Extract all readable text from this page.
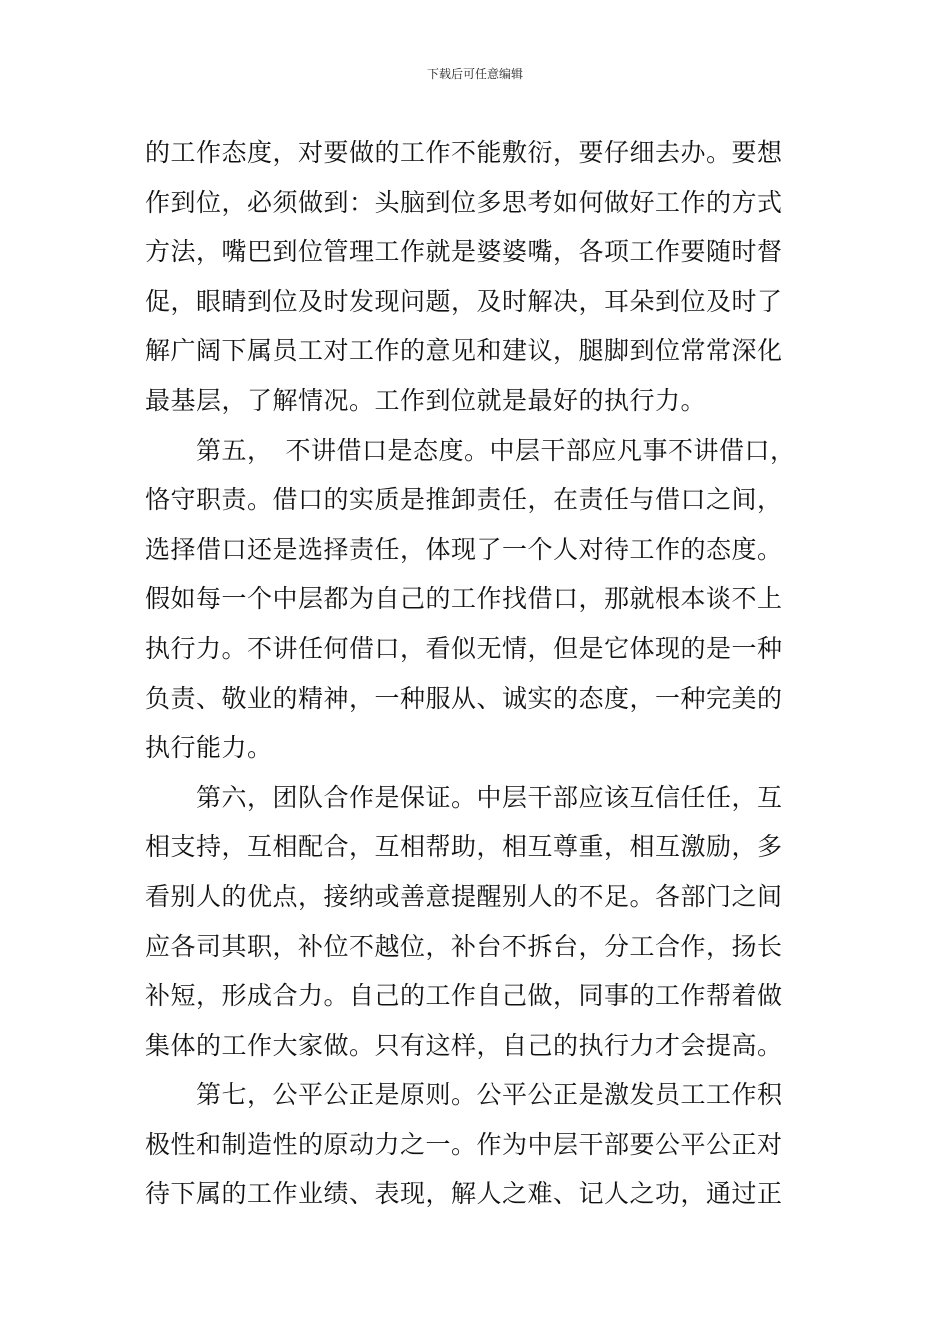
下载后可任意编辑
的工作态度，对要做的工作不能敷衍，要仔细去办。要想
作到位，必须做到：头脑到位多思考如何做好工作的方式
方法，嘴巴到位管理工作就是婆婆嘴，各项工作要随时督
促，眼睛到位及时发现问题，及时解决，耳朵到位及时了
解广阔下属员工对工作的意见和建议，腿脚到位常常深化
最基层，了解情况。工作到位就是最好的执行力。
　　第五，　不讲借口是态度。中层干部应凡事不讲借口，
恪守职责。借口的实质是推卸责任，在责任与借口之间，
选择借口还是选择责任，体现了一个人对待工作的态度。
假如每一个中层都为自己的工作找借口，那就根本谈不上
执行力。不讲任何借口，看似无情，但是它体现的是一种
负责、敬业的精神，一种服从、诚实的态度，一种完美的
执行能力。
　　第六，团队合作是保证。中层干部应该互信任任，互
相支持，互相配合，互相帮助，相互尊重，相互激励，多
看别人的优点，接纳或善意提醒别人的不足。各部门之间
应各司其职，补位不越位，补台不拆台，分工合作，扬长
补短，形成合力。自己的工作自己做，同事的工作帮着做
集体的工作大家做。只有这样，自己的执行力才会提高。
　　第七，公平公正是原则。公平公正是激发员工工作积
极性和制造性的原动力之一。作为中层干部要公平公正对
待下属的工作业绩、表现，解人之难、记人之功，通过正
